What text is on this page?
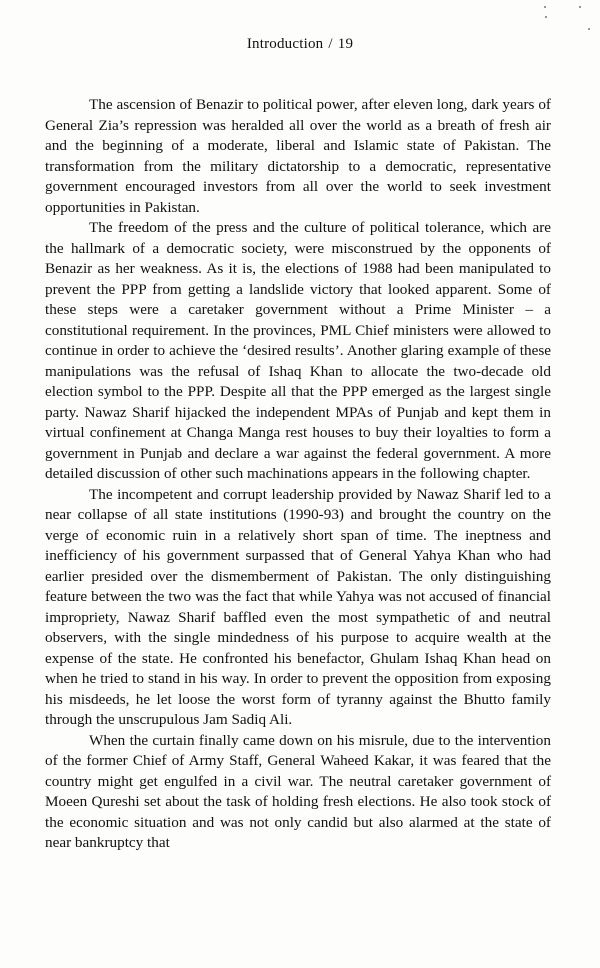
Introduction / 19

The ascension of Benazir to political power, after eleven long, dark years of General Zia’s repression was heralded all over the world as a breath of fresh air and the beginning of a moderate, liberal and Islamic state of Pakistan. The transformation from the military dictatorship to a democratic, representative government encouraged investors from all over the world to seek investment opportunities in Pakistan.

The freedom of the press and the culture of political tolerance, which are the hallmark of a democratic society, were misconstrued by the opponents of Benazir as her weakness. As it is, the elections of 1988 had been manipulated to prevent the PPP from getting a landslide victory that looked apparent. Some of these steps were a caretaker government without a Prime Minister – a constitutional requirement. In the provinces, PML Chief ministers were allowed to continue in order to achieve the ‘desired results’. Another glaring example of these manipulations was the refusal of Ishaq Khan to allocate the two-decade old election symbol to the PPP. Despite all that the PPP emerged as the largest single party. Nawaz Sharif hijacked the independent MPAs of Punjab and kept them in virtual confinement at Changa Manga rest houses to buy their loyalties to form a government in Punjab and declare a war against the federal government. A more detailed discussion of other such machinations appears in the following chapter.

The incompetent and corrupt leadership provided by Nawaz Sharif led to a near collapse of all state institutions (1990-93) and brought the country on the verge of economic ruin in a relatively short span of time. The ineptness and inefficiency of his government surpassed that of General Yahya Khan who had earlier presided over the dismemberment of Pakistan. The only distinguishing feature between the two was the fact that while Yahya was not accused of financial impropriety, Nawaz Sharif baffled even the most sympathetic of and neutral observers, with the single mindedness of his purpose to acquire wealth at the expense of the state. He confronted his benefactor, Ghulam Ishaq Khan head on when he tried to stand in his way. In order to prevent the opposition from exposing his misdeeds, he let loose the worst form of tyranny against the Bhutto family through the unscrupulous Jam Sadiq Ali.

When the curtain finally came down on his misrule, due to the intervention of the former Chief of Army Staff, General Waheed Kakar, it was feared that the country might get engulfed in a civil war. The neutral caretaker government of Moeen Qureshi set about the task of holding fresh elections. He also took stock of the economic situation and was not only candid but also alarmed at the state of near bankruptcy that
